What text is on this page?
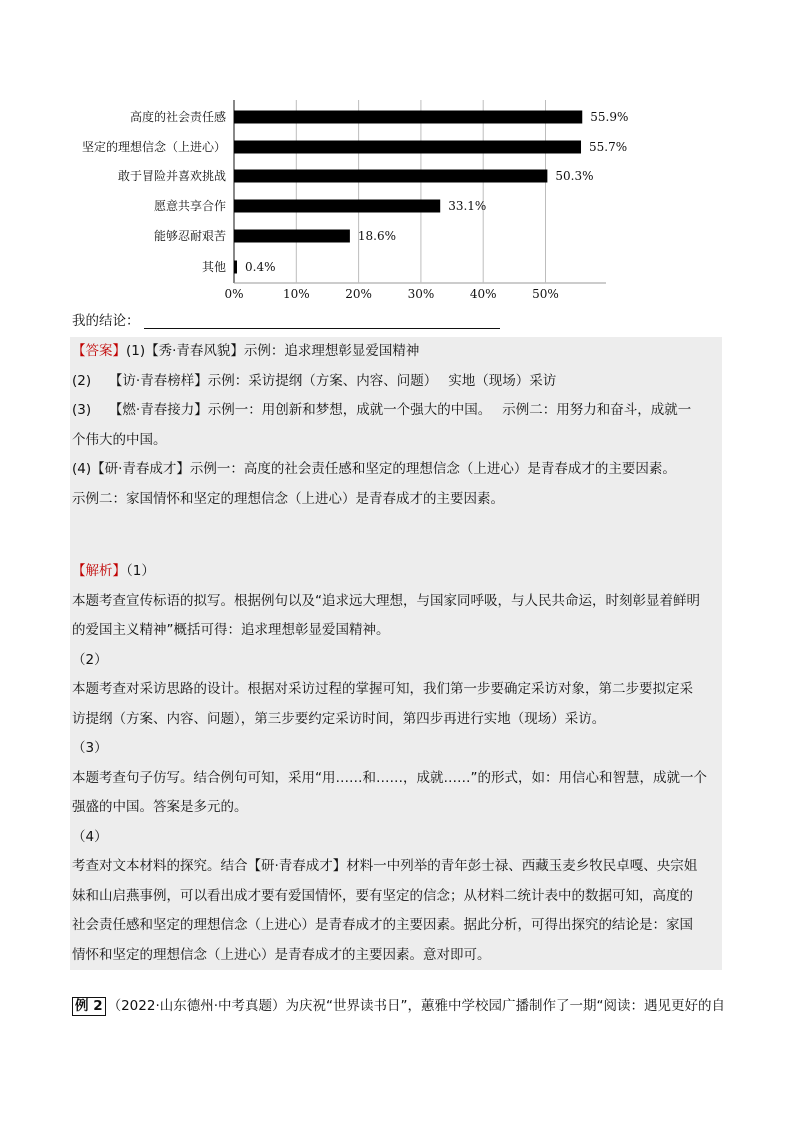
0%	10%	20%	30%	40%	50%
高度的社会责任感	55.9%
坚定的理想信念（上进心）	55.7%
敢于冒险并喜欢挑战	50.3%
愿意共享合作	33.1%
能够忍耐艰苦	18.6%
其他 0.4%
我的结论：

【答案】(1)【秀·青春风貌】示例：追求理想彰显爱国精神

(2)　 【访·青春榜样】示例：采访提纲（方案、内容、问题）　 实地（现场）采访

(3)　 【燃·青春接力】示例一：用创新和梦想，成就一个强大的中国。　 示例二：用努力和奋斗，成就一

个伟大的中国。

(4)【研·青春成才】示例一：高度的社会责任感和坚定的理想信念（上进心）是青春成才的主要因素。

示例二：家国情怀和坚定的理想信念（上进心）是青春成才的主要因素。

【解析】（1）

本题考查宣传标语的拟写。根据例句以及“追求远大理想，与国家同呼吸，与人民共命运，时刻彰显着鲜明

的爱国主义精神”概括可得：追求理想彰显爱国精神。

（2）

本题考查对采访思路的设计。根据对采访过程的掌握可知，我们第一步要确定采访对象，第二步要拟定采

访提纲（方案、内容、问题），第三步要约定采访时间，第四步再进行实地（现场）采访。

（3）

本题考查句子仿写。结合例句可知，采用“用……和……，成就……”的形式，如：用信心和智慧，成就一个

强盛的中国。答案是多元的。

（4）

考查对文本材料的探究。结合【研·青春成才】材料一中列举的青年彭士禄、西藏玉麦乡牧民卓嘎、央宗姐

妹和山启燕事例，可以看出成才要有爱国情怀，要有坚定的信念；从材料二统计表中的数据可知，高度的

社会责任感和坚定的理想信念（上进心）是青春成才的主要因素。据此分析，可得出探究的结论是：家国

情怀和坚定的理想信念（上进心）是青春成才的主要因素。意对即可。

例 2 （2022·山东德州·中考真题）为庆祝“世界读书日”，蕙雅中学校园广播制作了一期“阅读：遇见更好的自
